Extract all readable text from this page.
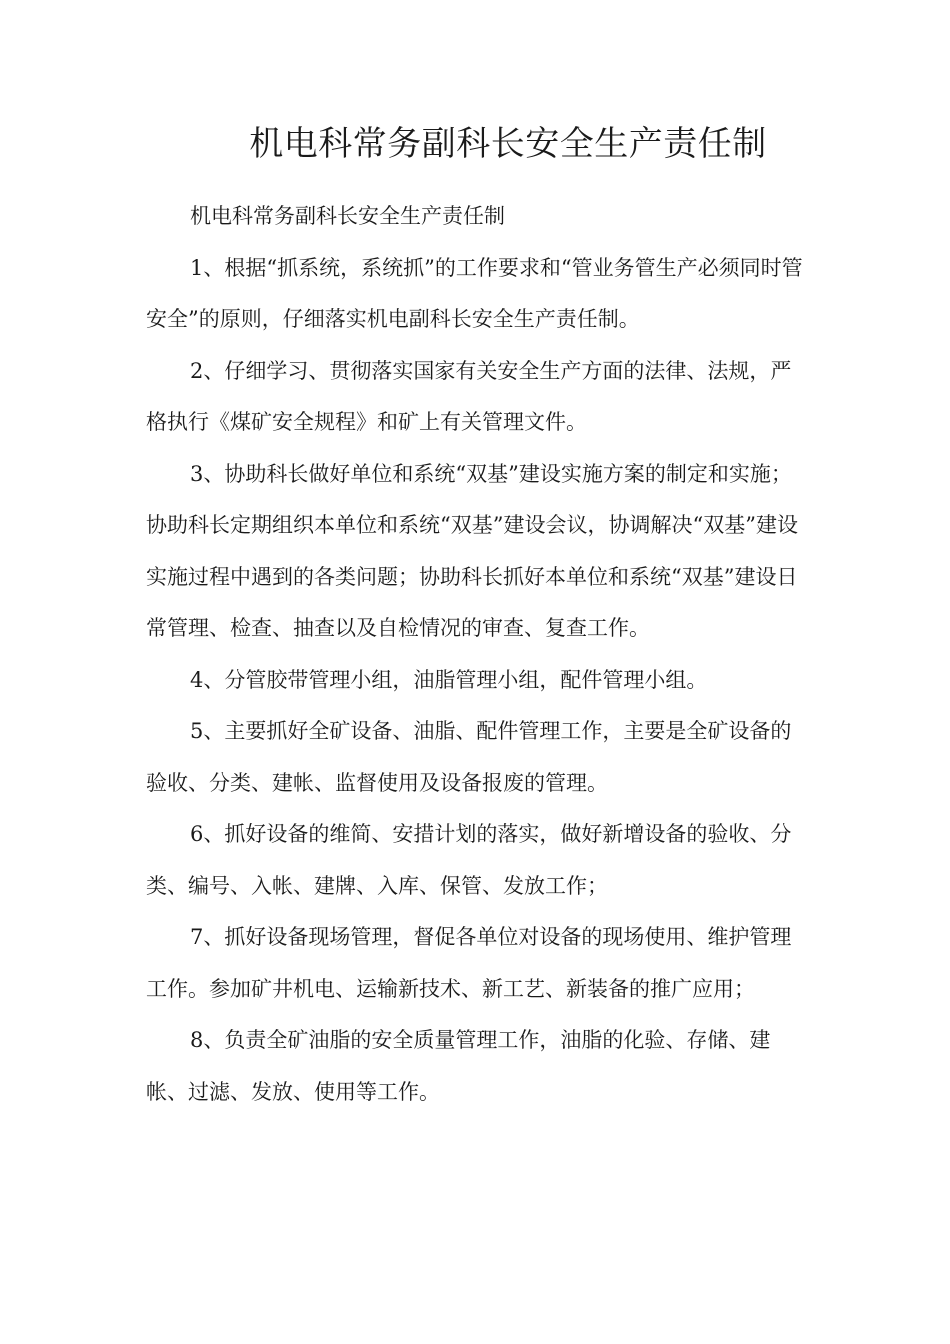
机电科常务副科长安全生产责任制

机电科常务副科长安全生产责任制

1、根据“抓系统，系统抓”的工作要求和“管业务管生产必须同时管安全”的原则，仔细落实机电副科长安全生产责任制。

2、仔细学习、贯彻落实国家有关安全生产方面的法律、法规，严格执行《煤矿安全规程》和矿上有关管理文件。

3、协助科长做好单位和系统“双基”建设实施方案的制定和实施；协助科长定期组织本单位和系统“双基”建设会议，协调解决“双基”建设实施过程中遇到的各类问题；协助科长抓好本单位和系统“双基”建设日常管理、检查、抽查以及自检情况的审查、复查工作。

4、分管胶带管理小组，油脂管理小组，配件管理小组。

5、主要抓好全矿设备、油脂、配件管理工作，主要是全矿设备的验收、分类、建帐、监督使用及设备报废的管理。

6、抓好设备的维简、安措计划的落实，做好新增设备的验收、分类、编号、入帐、建牌、入库、保管、发放工作；

7、抓好设备现场管理，督促各单位对设备的现场使用、维护管理工作。参加矿井机电、运输新技术、新工艺、新装备的推广应用；

8、负责全矿油脂的安全质量管理工作，油脂的化验、存储、建帐、过滤、发放、使用等工作。
